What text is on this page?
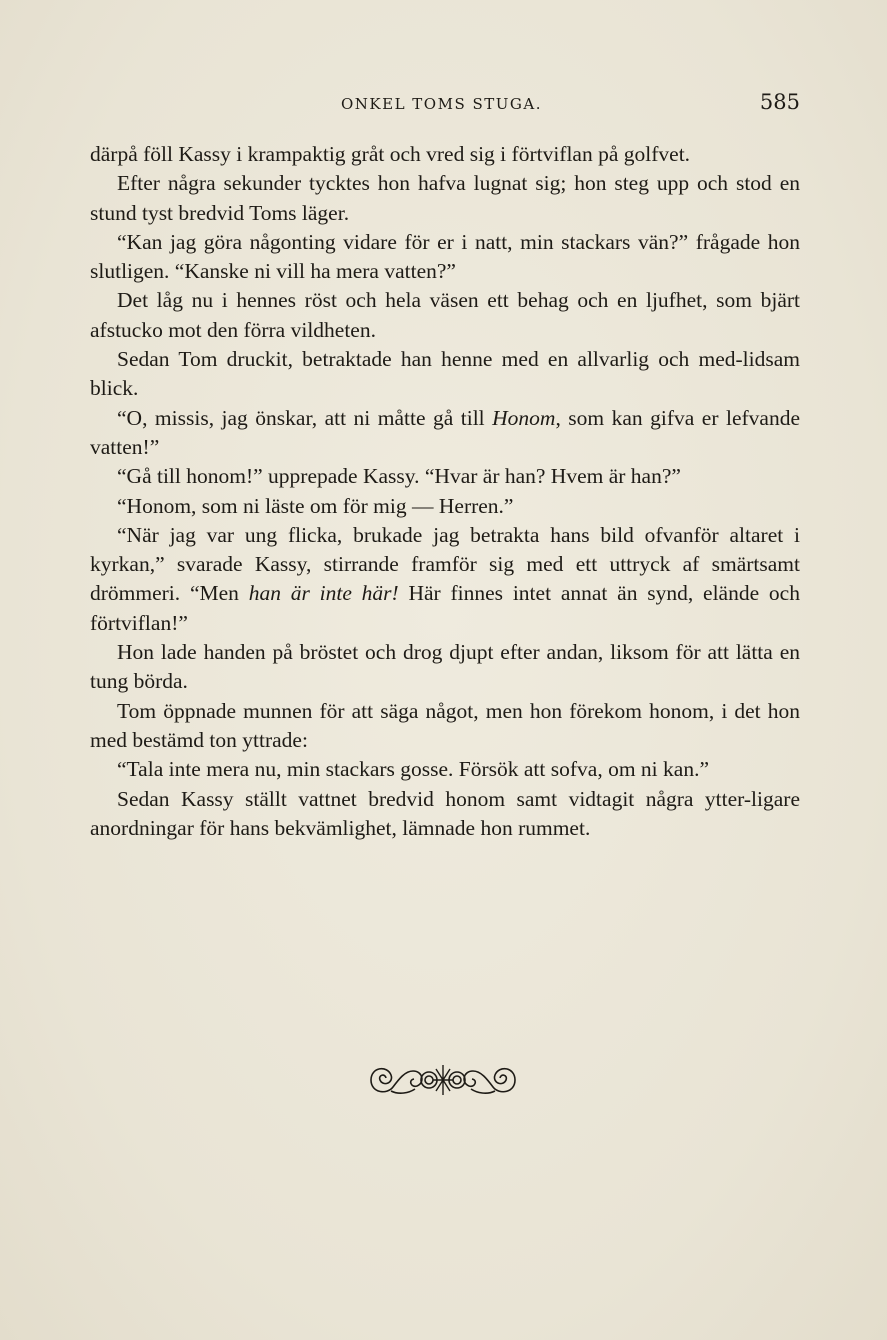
ONKEL TOMS STUGA.	585

därpå föll Kassy i krampaktig gråt och vred sig i förtviflan på golfvet.

Efter några sekunder tycktes hon hafva lugnat sig; hon steg upp och stod en stund tyst bredvid Toms läger.

“Kan jag göra någonting vidare för er i natt, min stackars vän?” frågade hon slutligen. “Kanske ni vill ha mera vatten?”

Det låg nu i hennes röst och hela väsen ett behag och en ljufhet, som bjärt afstucko mot den förra vildheten.

Sedan Tom druckit, betraktade han henne med en allvarlig och med-lidsam blick.

“O, missis, jag önskar, att ni måtte gå till Honom, som kan gifva er lefvande vatten!”

“Gå till honom!” upprepade Kassy. “Hvar är han? Hvem är han?”

“Honom, som ni läste om för mig — Herren.”

“När jag var ung flicka, brukade jag betrakta hans bild ofvanför altaret i kyrkan,” svarade Kassy, stirrande framför sig med ett uttryck af smärtsamt drömmeri. “Men han är inte här! Här finnes intet annat än synd, elände och förtviflan!”

Hon lade handen på bröstet och drog djupt efter andan, liksom för att lätta en tung börda.

Tom öppnade munnen för att säga något, men hon förekom honom, i det hon med bestämd ton yttrade:

“Tala inte mera nu, min stackars gosse. Försök att sofva, om ni kan.”

Sedan Kassy ställt vattnet bredvid honom samt vidtagit några ytter-ligare anordningar för hans bekvämlighet, lämnade hon rummet.
